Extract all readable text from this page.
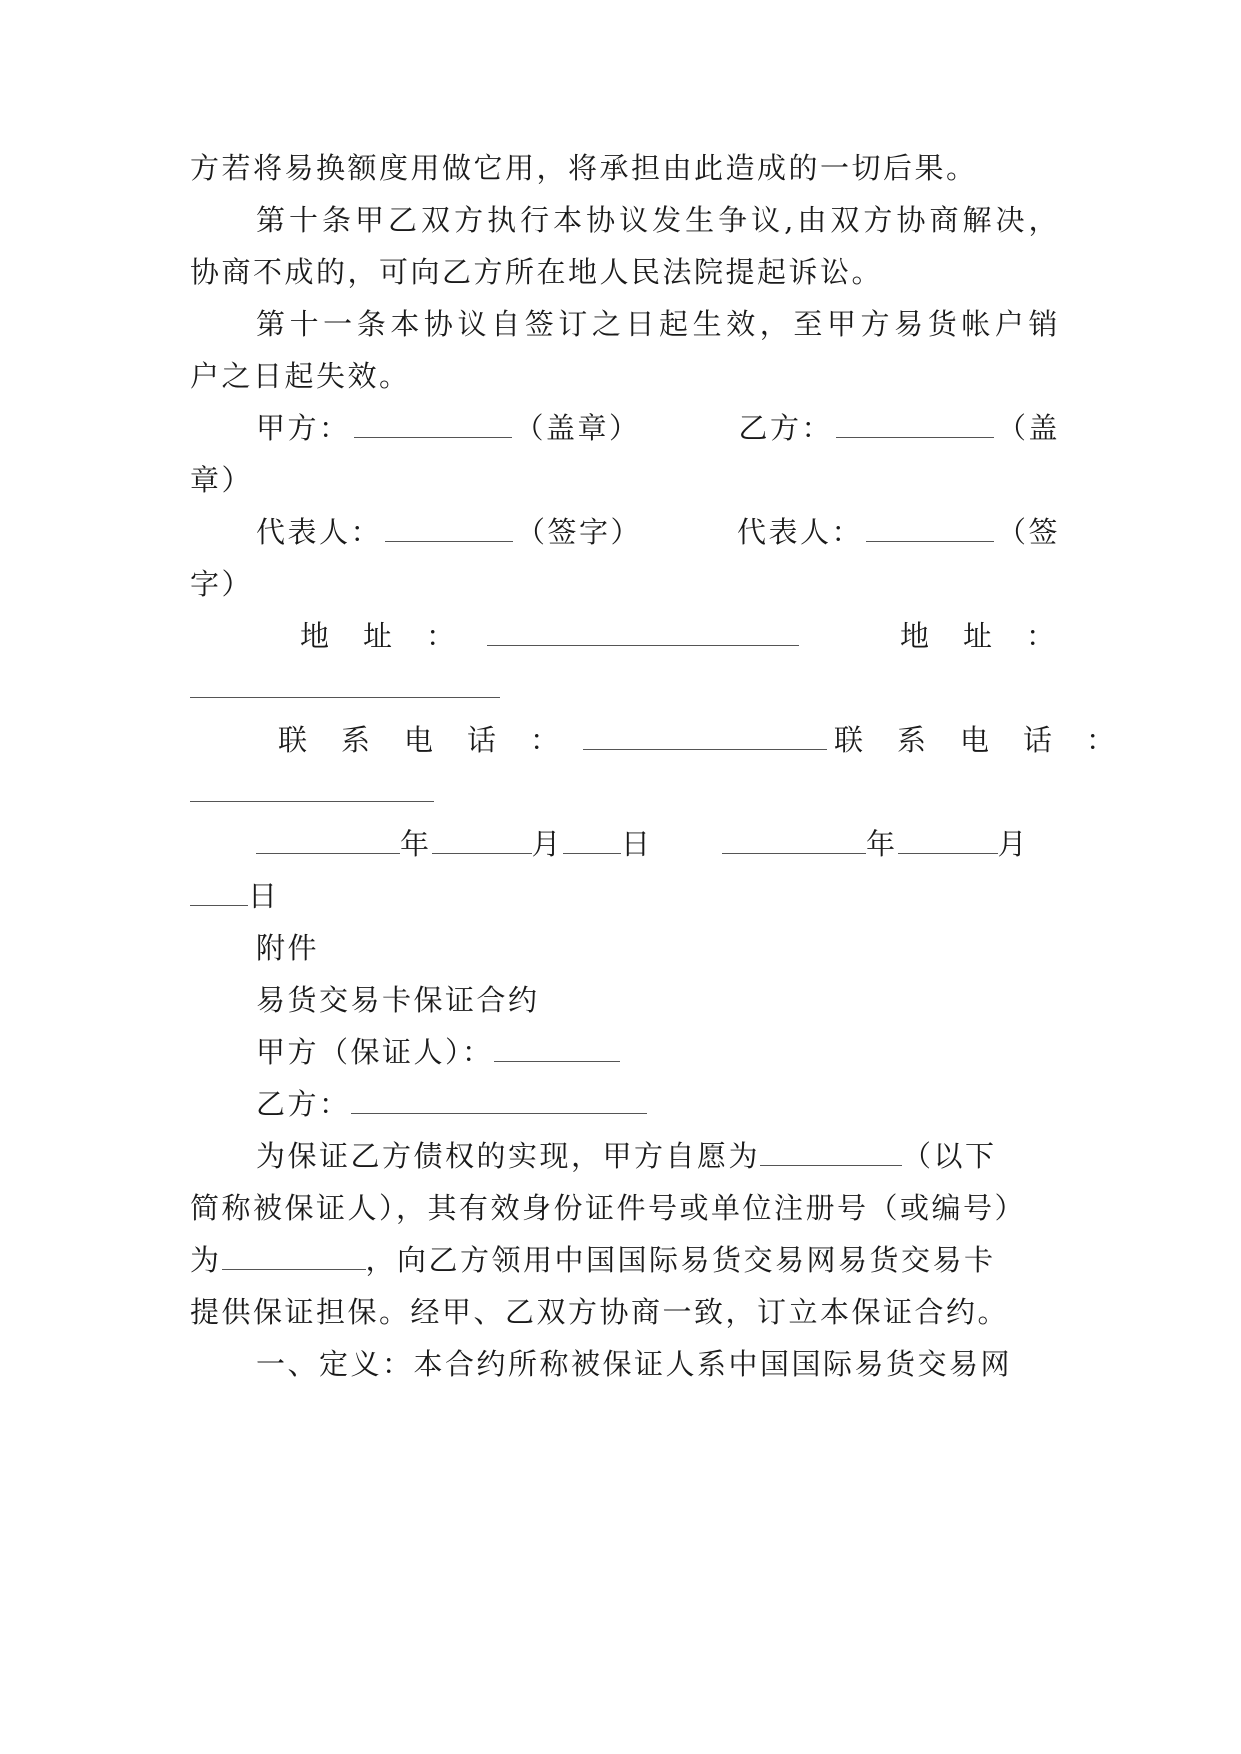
方若将易换额度用做它用，将承担由此造成的一切后果。
第十条甲乙双方执行本协议发生争议,由双方协商解决，
协商不成的，可向乙方所在地人民法院提起诉讼。
第十一条本协议自签订之日起生效，至甲方易货帐户销
户之日起失效。
甲方：	（盖章）	乙方：	（盖
章）
代表人：	（签字）	代表人：	（签
字）
地　址　：	地　址　：
联　系　电　话　：	联　系　电　话　：
年	月 日	年	月
日
附件
易货交易卡保证合约
甲方（保证人）：
乙方：
为保证乙方债权的实现，甲方自愿为	（以下
简称被保证人），其有效身份证件号或单位注册号（或编号）
为	，向乙方领用中国国际易货交易网易货交易卡
提供保证担保。经甲、乙双方协商一致，订立本保证合约。
一、定义：本合约所称被保证人系中国国际易货交易网
